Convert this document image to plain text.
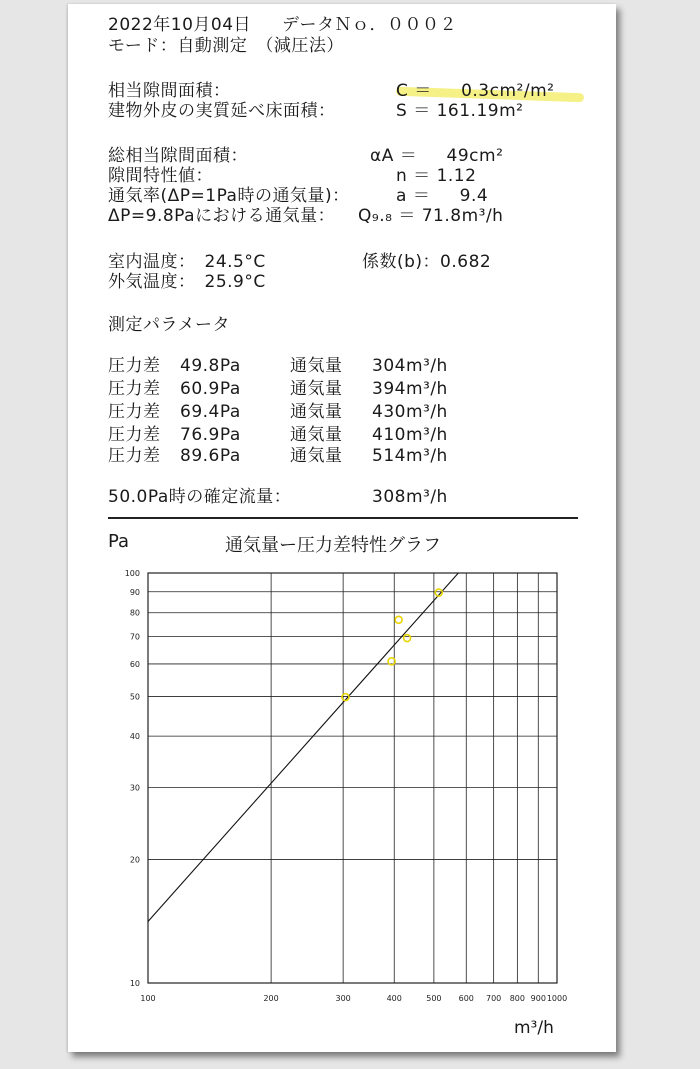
2022年10月04日 データＮｏ．０００２
モード：自動測定　（減圧法）
相当隙間面積：	C ＝ 　 0.3cm²/m²
建物外皮の実質延べ床面積：	S ＝ 161.19m²
総相当隙間面積：	αA ＝ 　 49cm²
隙間特性値：	n ＝ 1.12
通気率(ΔP=1Pa時の通気量)：	a ＝ 　 9.4
ΔP=9.8Paにおける通気量： Q₉.₈ ＝ 71.8m³/h
室内温度：　24.5°C	係数(b)：0.682
外気温度：　25.9°C
測定パラメータ
圧力差 49.8Pa	通気量 304m³/h
圧力差 60.9Pa	通気量 394m³/h
圧力差 69.4Pa	通気量 430m³/h
圧力差 76.9Pa	通気量 410m³/h
圧力差 89.6Pa	通気量 514m³/h
50.0Pa時の確定流量：	308m³/h
Pa	通気量ー圧力差特性グラフ
m³/h
100	200	300	400	500 600 700 800 900 1000
10
20
30
40
50
60
70
80
90
100
